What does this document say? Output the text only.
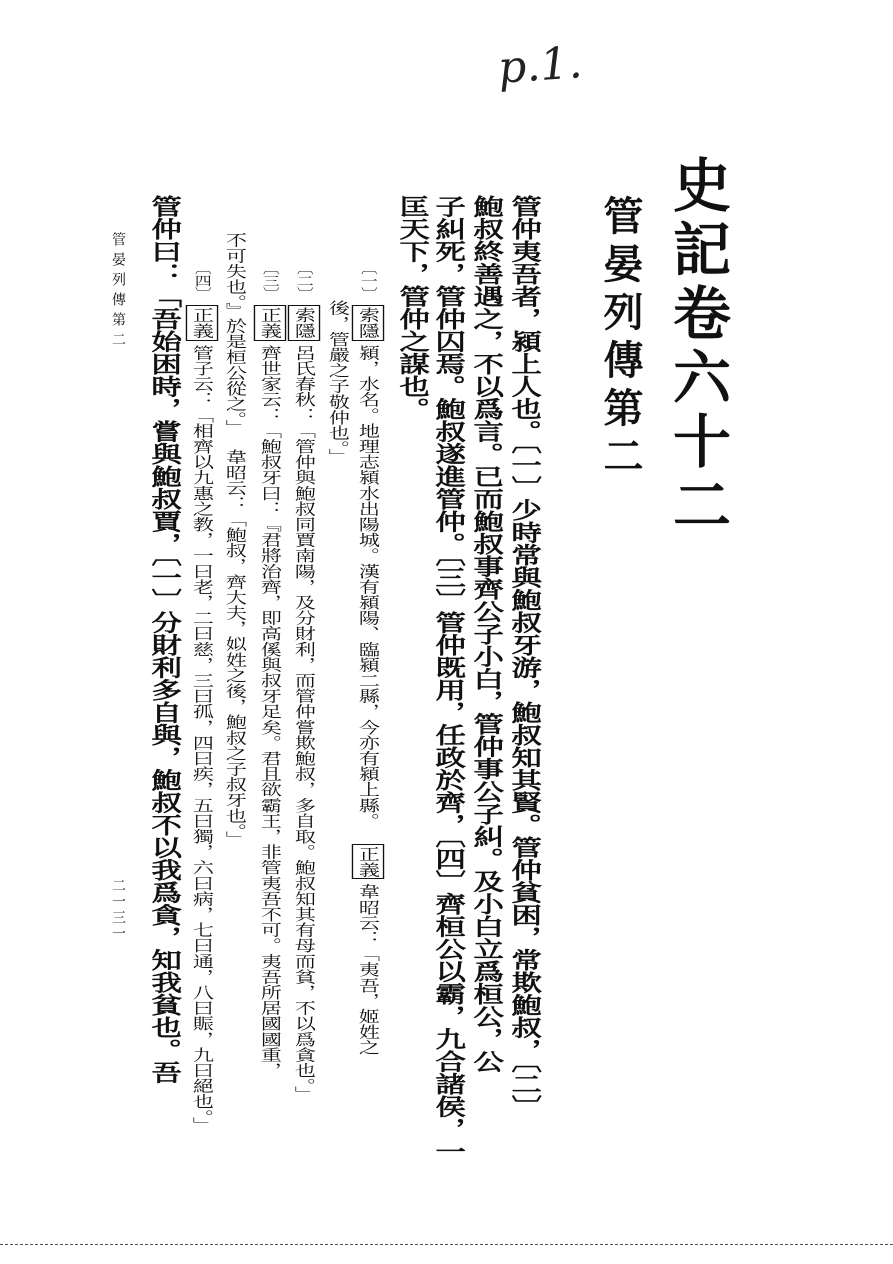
p.1.
史記卷六十二
管晏列傳第二
管仲夷吾者，潁上人也。〔一〕少時常與鮑叔牙游，鮑叔知其賢。管仲貧困，常欺鮑叔，〔二〕
鮑叔終善遇之，不以爲言。已而鮑叔事齊公子小白，管仲事公子糾。及小白立爲桓公，公
子糾死，管仲囚焉。鮑叔遂進管仲。〔三〕管仲既用，任政於齊，〔四〕齊桓公以霸，九合諸侯，一
匡天下，管仲之謀也。
〔一〕索隱潁，水名。地理志潁水出陽城。漢有潁陽、臨潁二縣，今亦有潁上縣。正義韋昭云：「夷吾，姬姓之
後，管嚴之子敬仲也。」
〔二〕索隱呂氏春秋：「管仲與鮑叔同賈南陽，及分財利，而管仲嘗欺鮑叔，多自取。鮑叔知其有母而貧，不以爲貪也。」
〔三〕正義齊世家云：「鮑叔牙曰：『君將治齊，即高傒與叔牙足矣。君且欲霸王，非管夷吾不可。夷吾所居國國重，
不可失也。』於是桓公從之。」韋昭云：「鮑叔，齊大夫，姒姓之後，鮑叔之子叔牙也。」
〔四〕正義管子云：「相齊以九惠之教，一曰老，二曰慈，三曰孤，四曰疾，五曰獨，六曰病，七曰通，八曰賑，九曰絕也。」
管仲曰：「吾始困時，嘗與鮑叔賈，〔一〕分財利多自與，鮑叔不以我爲貪，知我貧也。吾
管晏列傳第二
二一三一
